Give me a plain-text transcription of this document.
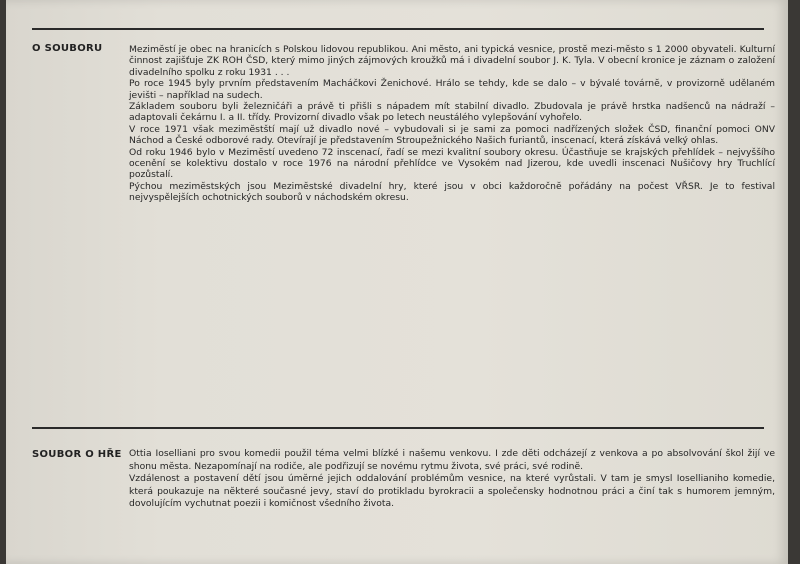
O SOUBORU	Mezimĕstí je obec na hranicích s Polskou lidovou republikou. Ani mĕsto, ani typická vesnice, prostĕ mezi-mĕsto s 1 2000 obyvateli. Kulturní činnost zajišťuje ZK ROH ČSD, který mimo jiných zájmových kroužků má i divadelní soubor J. K. Tyla. V obecní kronice je záznam o založení divadelního spolku z roku 1931 . . .

Po roce 1945 byly prvním představením Macháčkovi Ženichové. Hrálo se tehdy, kde se dalo – v bývalé továrnĕ, v provizorně udělaném jevišti – například na sudech.

Základem souboru byli železničáři a právě ti přišli s nápadem mít stabilní divadlo. Zbudovala je právě hrstka nadšenců na nádraží – adaptovali čekárnu I. a II. třídy. Provizorní divadlo však po letech neustálého vylepšování vyhořelo.

V roce 1971 však mezimĕstští mají už divadlo nové – vybudovali si je sami za pomoci nadřízených složek ČSD, finanční pomoci ONV Náchod a České odborové rady. Otevírají je představením Stroupežnického Našich furiantů, inscenací, která získává velký ohlas.

Od roku 1946 bylo v Mezimĕstí uvedeno 72 inscenací, řadí se mezi kvalitní soubory okresu. Účastňuje se krajských přehlídek – nejvyššího ocenění se kolektivu dostalo v roce 1976 na národní přehlídce ve Vysokém nad Jizerou, kde uvedli inscenaci Nušičovy hry Truchlící pozůstalí.

Pýchou mezimĕstských jsou Mezimĕstské divadelní hry, které jsou v obci každoročnĕ pořádány na počest VŘSR. Je to festival nejvyspělejších ochotnických souborů v náchodském okresu.

SOUBOR O HŘE Ottia Ioselliani pro svou komedii použil téma velmi blízké i našemu venkovu. I zde dĕti odcházejí z venkova a po absolvování škol žijí ve shonu mĕsta. Nezapomínají na rodiče, ale podřizují se novému rytmu života, své práci, své rodinĕ.

Vzdálenost a postavení dětí jsou úmĕrné jejich oddalování problémům vesnice, na které vyrůstali. V tam je smysl Iosellianiho komedie, která poukazuje na nĕkteré současné jevy, staví do protikladu byrokracii a společensky hodnotnou práci a činí tak s humorem jemným, dovolujícím vychutnat poezii i komičnost všedního života.
